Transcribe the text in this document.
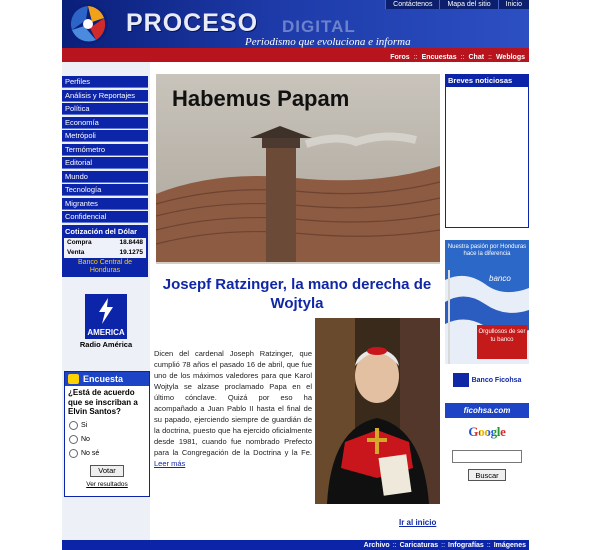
PROCESO DIGITAL
Periodismo que evoluciona e informa
Contáctenos	Mapa del sitio	Inicio
Foros :: Encuestas :: Chat :: Weblogs
Perfiles
Análisis y Reportajes
Política
Economía
Metrópoli
Termómetro
Editorial
Mundo
Tecnología
Migrantes
Confidencial
Cotización del Dólar
Compra	18.8448
Venta	19.1275
Banco Central de Honduras
AMERICA
Radio América
Encuesta
¿Está de acuerdo que se inscriban a Elvin Santos?
Si
No
No sé
Votar
Ver resultados
Habemus Papam
Josepf Ratzinger, la mano derecha de Wojtyla
Dicen del cardenal Joseph Ratzinger, que cumplió 78 años el pasado 16 de abril, que fue uno de los máximos valedores para que Karol Wojtyla se alzase proclamado Papa en el último cónclave. Quizá por eso ha acompañado a Juan Pablo II hasta el final de su papado, ejerciendo siempre de guardián de la doctrina, puesto que ha ejercido oficialmente desde 1981, cuando fue nombrado Prefecto para la Congregación de la Doctrina y la Fe. Leer más
Ir al inicio
Breves noticiosas
Nuestra pasión por Honduras hace la diferencia
banco
Orgullosos de ser tu banco
Banco Ficohsa
ficohsa.com
Google
Buscar
Archivo :: Caricaturas :: Infografías :: Imágenes
